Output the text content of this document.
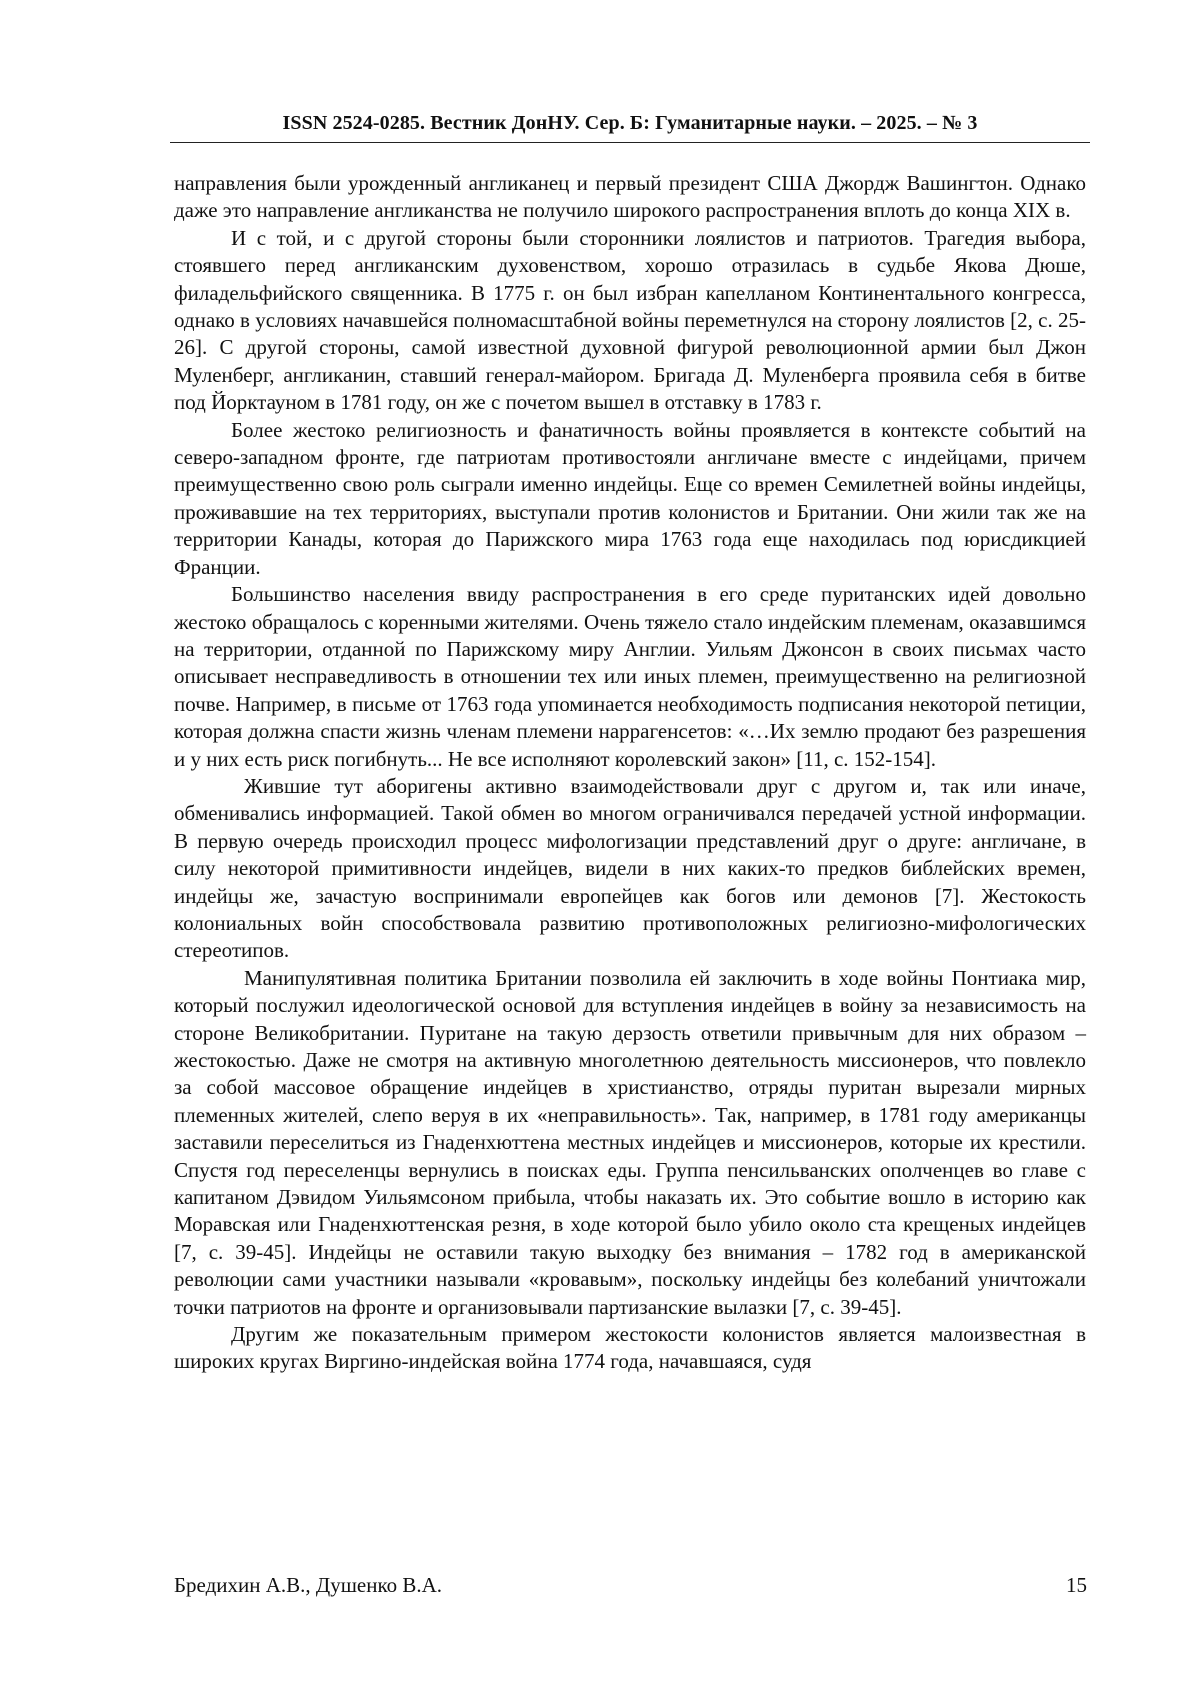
ISSN 2524-0285. Вестник ДонНУ. Сер. Б: Гуманитарные науки. – 2025. – № 3

направления были урожденный англиканец и первый президент США Джордж Вашингтон. Однако даже это направление англиканства не получило широкого распространения вплоть до конца XIX в.

И с той, и с другой стороны были сторонники лоялистов и патриотов. Трагедия выбора, стоявшего перед англиканским духовенством, хорошо отразилась в судьбе Якова Дюше, филадельфийского священника. В 1775 г. он был избран капелланом Континентального конгресса, однако в условиях начавшейся полномасштабной войны переметнулся на сторону лоялистов [2, с. 25-26]. С другой стороны, самой известной духовной фигурой революционной армии был Джон Муленберг, англиканин, ставший генерал-майором. Бригада Д. Муленберга проявила себя в битве под Йорктауном в 1781 году, он же с почетом вышел в отставку в 1783 г.

Более жестоко религиозность и фанатичность войны проявляется в контексте событий на северо-западном фронте, где патриотам противостояли англичане вместе с индейцами, причем преимущественно свою роль сыграли именно индейцы. Еще со времен Семилетней войны индейцы, проживавшие на тех территориях, выступали против колонистов и Британии. Они жили так же на территории Канады, которая до Парижского мира 1763 года еще находилась под юрисдикцией Франции.

Большинство населения ввиду распространения в его среде пуританских идей довольно жестоко обращалось с коренными жителями. Очень тяжело стало индейским племенам, оказавшимся на территории, отданной по Парижскому миру Англии. Уильям Джонсон в своих письмах часто описывает несправедливость в отношении тех или иных племен, преимущественно на религиозной почве. Например, в письме от 1763 года упоминается необходимость подписания некоторой петиции, которая должна спасти жизнь членам племени наррагенсетов: «…Их землю продают без разрешения и у них есть риск погибнуть... Не все исполняют королевский закон» [11, с. 152-154].

Жившие тут аборигены активно взаимодействовали друг с другом и, так или иначе, обменивались информацией. Такой обмен во многом ограничивался передачей устной информации. В первую очередь происходил процесс мифологизации представлений друг о друге: англичане, в силу некоторой примитивности индейцев, видели в них каких-то предков библейских времен, индейцы же, зачастую воспринимали европейцев как богов или демонов [7]. Жестокость колониальных войн способствовала развитию противоположных религиозно-мифологических стереотипов.

Манипулятивная политика Британии позволила ей заключить в ходе войны Понтиака мир, который послужил идеологической основой для вступления индейцев в войну за независимость на стороне Великобритании. Пуритане на такую дерзость ответили привычным для них образом – жестокостью. Даже не смотря на активную многолетнюю деятельность миссионеров, что повлекло за собой массовое обращение индейцев в христианство, отряды пуритан вырезали мирных племенных жителей, слепо веруя в их «неправильность». Так, например, в 1781 году американцы заставили переселиться из Гнаденхюттена местных индейцев и миссионеров, которые их крестили. Спустя год переселенцы вернулись в поисках еды. Группа пенсильванских ополченцев во главе с капитаном Дэвидом Уильямсоном прибыла, чтобы наказать их. Это событие вошло в историю как Моравская или Гнаденхюттенская резня, в ходе которой было убило около ста крещеных индейцев [7, с. 39-45]. Индейцы не оставили такую выходку без внимания – 1782 год в американской революции сами участники называли «кровавым», поскольку индейцы без колебаний уничтожали точки патриотов на фронте и организовывали партизанские вылазки [7, с. 39-45].

Другим же показательным примером жестокости колонистов является малоизвестная в широких кругах Виргино-индейская война 1774 года, начавшаяся, судя

Бредихин А.В., Душенко В.А.	15
